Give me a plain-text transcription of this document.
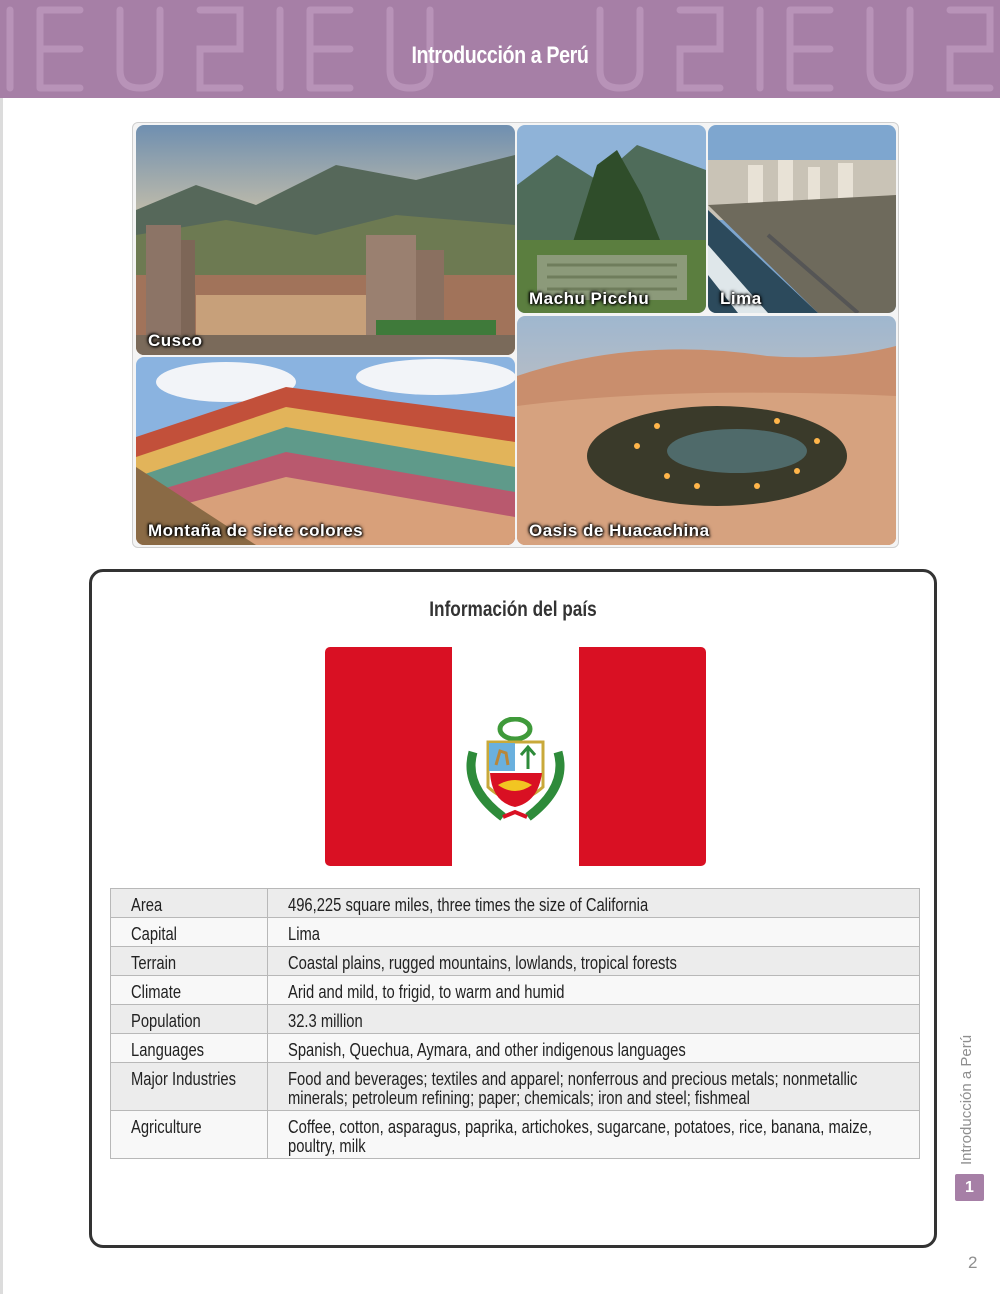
Introducción a Perú
Cusco
Machu Picchu	Lima
Montaña de siete colores	Oasis de Huacachina
Información del país
Area	496,225 square miles, three times the size of California
Capital	Lima
Terrain	Coastal plains, rugged mountains, lowlands, tropical forests
Climate	Arid and mild, to frigid, to warm and humid
Population	32.3 million
Languages	Spanish, Quechua, Aymara, and other indigenous languages
Major Industries	Food and beverages; textiles and apparel; nonferrous and precious metals; nonmetallic minerals; petroleum refining; paper; chemicals; iron and steel; fishmeal
Agriculture	Coffee, cotton, asparagus, paprika, artichokes, sugarcane, potatoes, rice, banana, maize, poultry, milk	Introducción a Perú
1
2
